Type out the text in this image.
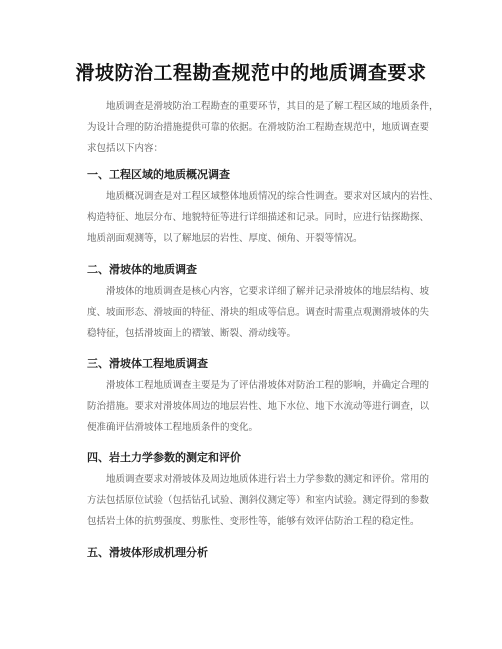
滑坡防治工程勘查规范中的地质调查要求

地质调查是滑坡防治工程勘查的重要环节，其目的是了解工程区域的地质条件，
为设计合理的防治措施提供可靠的依据。在滑坡防治工程勘查规范中，地质调查要
求包括以下内容：

一、工程区域的地质概况调查

地质概况调查是对工程区域整体地质情况的综合性调查。要求对区域内的岩性、
构造特征、地层分布、地貌特征等进行详细描述和记录。同时，应进行钻探勘探、
地质剖面观测等，以了解地层的岩性、厚度、倾角、开裂等情况。

二、滑坡体的地质调查

滑坡体的地质调查是核心内容，它要求详细了解并记录滑坡体的地层结构、坡
度、坡面形态、滑坡面的特征、滑块的组成等信息。调查时需重点观测滑坡体的失
稳特征，包括滑坡面上的褶皱、断裂、滑动线等。

三、滑坡体工程地质调查

滑坡体工程地质调查主要是为了评估滑坡体对防治工程的影响，并确定合理的
防治措施。要求对滑坡体周边的地层岩性、地下水位、地下水流动等进行调查，以
便准确评估滑坡体工程地质条件的变化。

四、岩土力学参数的测定和评价

地质调查要求对滑坡体及周边地质体进行岩土力学参数的测定和评价。常用的
方法包括原位试验（包括钻孔试验、测斜仪测定等）和室内试验。测定得到的参数
包括岩土体的抗剪强度、剪胀性、变形性等，能够有效评估防治工程的稳定性。

五、滑坡体形成机理分析
